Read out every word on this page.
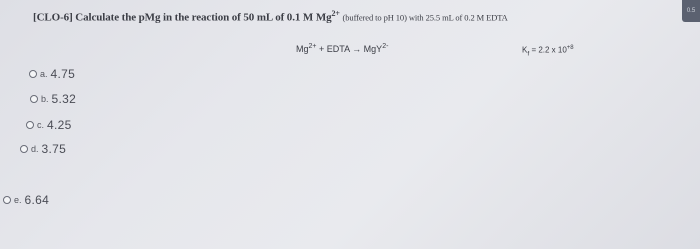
0.5
[CLO-6] Calculate the pMg in the reaction of 50 mL of 0.1 M $Mg^{2+}$ (buffered to pH 10) with 25.5 mL of 0.2 M EDTA
$Mg^{2+}$ + EDTA → MgY$^{2-}$	$K_f = 2.2$ x $10^{+8}$
a. 4.75
b. 5.32
c. 4.25
d. 3.75
e. 6.64
